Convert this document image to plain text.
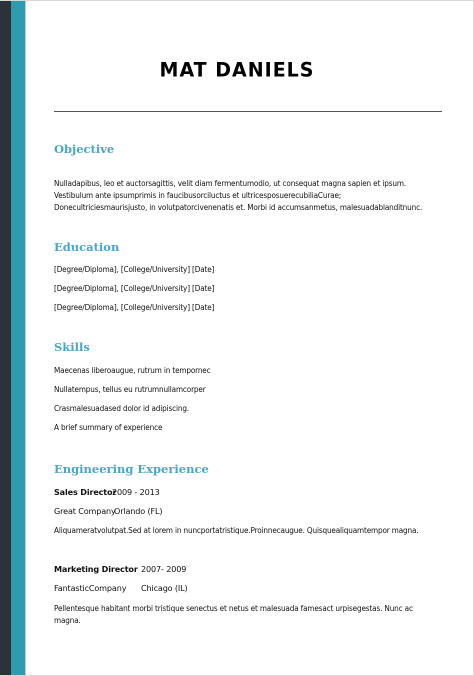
MAT DANIELS
Objective
Nulladapibus, leo et auctorsagittis, velit diam fermentumodio, ut consequat magna sapien et ipsum.
Vestibulum ante ipsumprimis in faucibusorciluctus et ultricesposuerecubiliaCurae;
Donecultriciesmaurisjusto, in volutpatorcivenenatis et. Morbi id accumsanmetus, malesuadablanditnunc.
Education
[Degree/Diploma], [College/University] [Date]
[Degree/Diploma], [College/University] [Date]
[Degree/Diploma], [College/University] [Date]
Skills
Maecenas liberoaugue, rutrum in tempornec
Nullatempus, tellus eu rutrumnullamcorper
Crasmalesuadased dolor id adipiscing.
A brief summary of experience
Engineering Experience
Sales Director
2009 - 2013
Great Company
Orlando (FL)
Aliquameratvolutpat.Sed at lorem in nuncportatristique.Proinnecaugue. Quisquealiquamtempor magna.
Marketing Director 2007- 2009
FantasticCompany Chicago (IL)
Pellentesque habitant morbi tristique senectus et netus et malesuada famesact urpisegestas. Nunc ac
magna.
